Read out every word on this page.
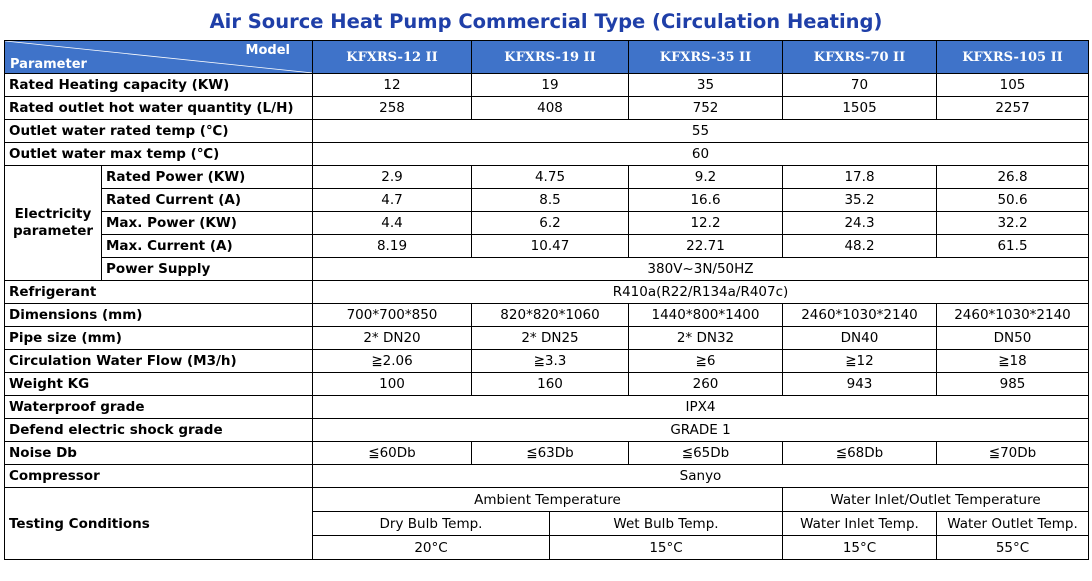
Air Source Heat Pump Commercial Type (Circulation Heating)
Model
Parameter		KFXRS-12 II	KFXRS-19 II		KFXRS-35 II	KFXRS-70 II	KFXRS-105 II
Rated Heating capacity (KW)		12	19		35	70	105
Rated outlet hot water quantity (L/H)		258	408		752	1505	2257
Outlet water rated temp (℃)		55					
Outlet water max temp (℃)		60					
Electricity parameter	Rated Power (KW)	2.9	4.75		9.2	17.8	26.8
	Rated Current (A)	4.7	8.5		16.6	35.2	50.6
	Max. Power (KW)	4.4	6.2		12.2	24.3	32.2
	Max. Current (A)	8.19	10.47		22.71	48.2	61.5
	Power Supply	380V~3N/50HZ					
Refrigerant		R410a(R22/R134a/R407c)					
Dimensions (mm)		700*700*850	820*820*1060		1440*800*1400	2460*1030*2140	2460*1030*2140
Pipe size (mm)		2* DN20	2* DN25		2* DN32	DN40	DN50
Circulation Water Flow (M3/h)		≧2.06	≧3.3		≧6	≧12	≧18
Weight KG		100	160		260	943	985
Waterproof grade		IPX4					
Defend electric shock grade		GRADE 1					
Noise Db		≦60Db	≦63Db		≦65Db	≦68Db	≦70Db
Compressor		Sanyo					
Testing Conditions		Ambient Temperature				Water Inlet/Outlet Temperature	
		Dry Bulb Temp.		Wet Bulb Temp.		Water Inlet Temp.	Water Outlet Temp.
		20°C		15°C		15°C	55°C
